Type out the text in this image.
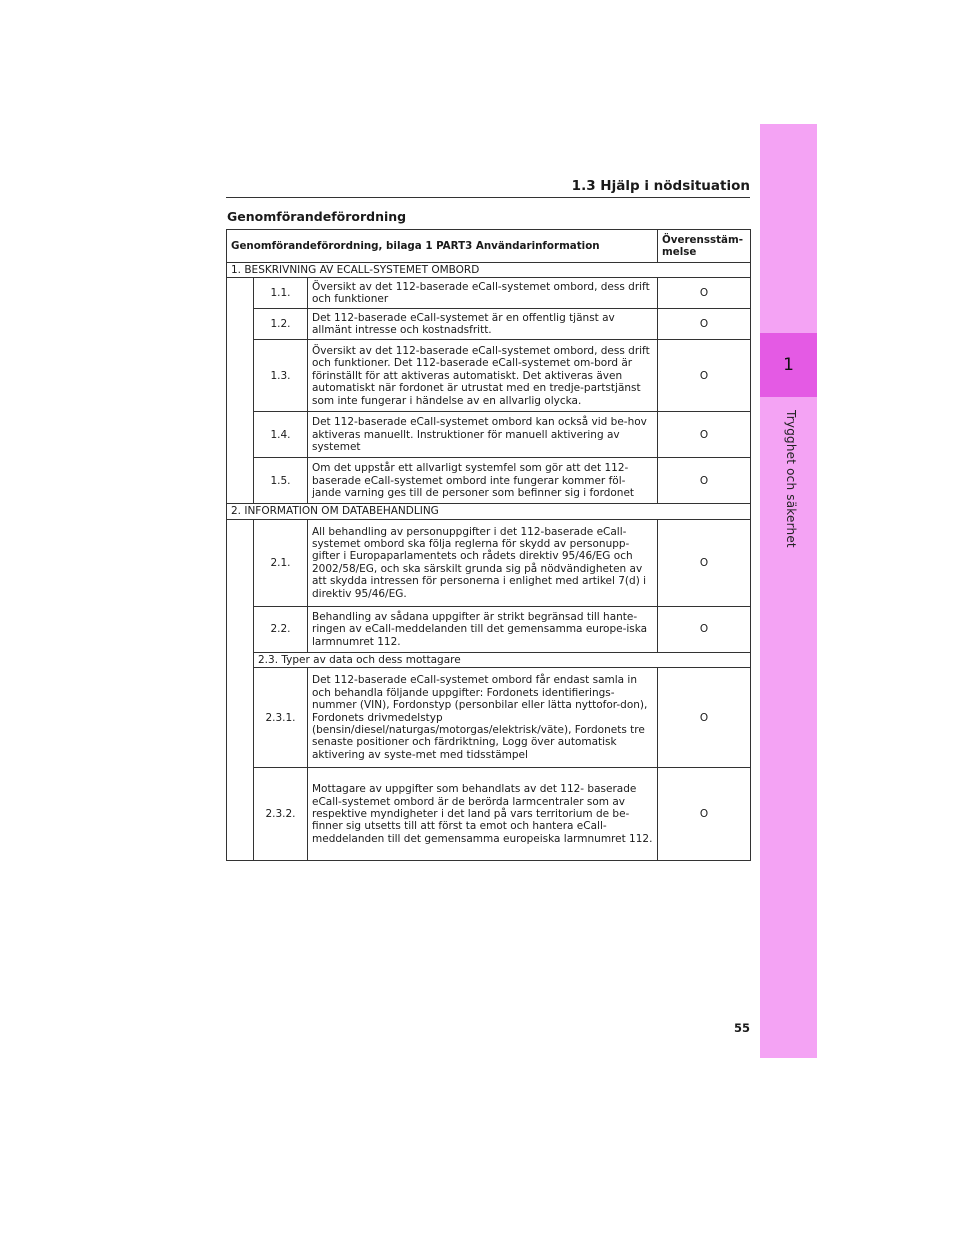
1
Trygghet och säkerhet
1.3 Hjälp i nödsituation
Genomförandeförordning
Genomförandeförordning, bilaga 1 PART3 Användarinformation			Överensstäm-melse
1. BESKRIVNING AV ECALL-SYSTEMET OMBORD			
	1.1.	Översikt av det 112-baserade eCall-systemet ombord, dess drift och funktioner	O
	1.2.	Det 112-baserade eCall-systemet är en offentlig tjänst av allmänt intresse och kostnadsfritt.	O
	1.3.	Översikt av det 112-baserade eCall-systemet ombord, dess drift och funktioner. Det 112-baserade eCall-systemet om-bord är förinställt för att aktiveras automatiskt. Det aktiveras även automatiskt när fordonet är utrustat med en tredje-partstjänst som inte fungerar i händelse av en allvarlig olycka.	O
	1.4.	Det 112-baserade eCall-systemet ombord kan också vid be-hov aktiveras manuellt. Instruktioner för manuell aktivering av systemet	O
	1.5.	Om det uppstår ett allvarligt systemfel som gör att det 112-baserade eCall-systemet ombord inte fungerar kommer föl-jande varning ges till de personer som befinner sig i fordonet	O
2. INFORMATION OM DATABEHANDLING			
	2.1.	All behandling av personuppgifter i det 112-baserade eCall-systemet ombord ska följa reglerna för skydd av personupp-gifter i Europaparlamentets och rådets direktiv 95/46/EG och 2002/58/EG, och ska särskilt grunda sig på nödvändigheten av att skydda intressen för personerna i enlighet med artikel 7(d) i direktiv 95/46/EG.	O
	2.2.	Behandling av sådana uppgifter är strikt begränsad till hante-ringen av eCall-meddelanden till det gemensamma europe-iska larmnumret 112.	O
	2.3. Typer av data och dess mottagare		
	2.3.1.	Det 112-baserade eCall-systemet ombord får endast samla in och behandla följande uppgifter: Fordonets identifierings-nummer (VIN), Fordonstyp (personbilar eller lätta nyttofor-don), Fordonets drivmedelstyp (bensin/diesel/naturgas/motorgas/elektrisk/väte), Fordonets tre senaste positioner och färdriktning, Logg över automatisk aktivering av syste-met med tidsstämpel	O
	2.3.2.	Mottagare av uppgifter som behandlats av det 112- baserade eCall-systemet ombord är de berörda larmcentraler som av respektive myndigheter i det land på vars territorium de be-finner sig utsetts till att först ta emot och hantera eCall-meddelanden till det gemensamma europeiska larmnumret 112.	O
55
